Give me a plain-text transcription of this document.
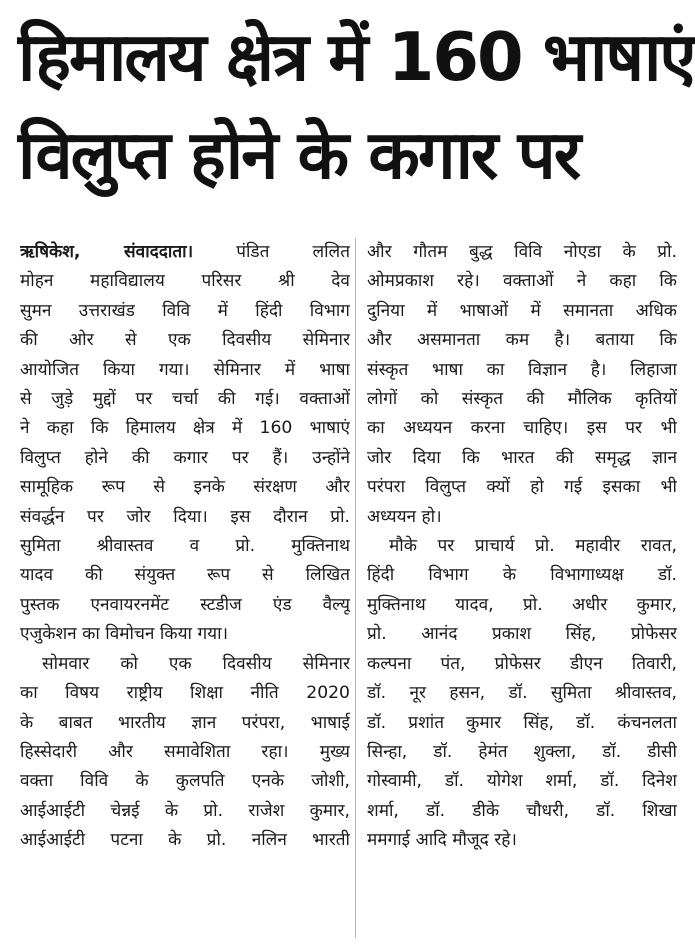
हिमालय क्षेत्र में 160 भाषाएं
विलुप्त होने के कगार पर
ऋषिकेश, संवाददाता।	पंडित ललित
मोहन महाविद्यालय परिसर श्री देव
सुमन उत्तराखंड विवि में हिंदी विभाग
की ओर से एक दिवसीय सेमिनार
आयोजित किया गया। सेमिनार में भाषा
से जुड़े मुद्दों पर चर्चा की गई। वक्ताओं
ने कहा कि हिमालय क्षेत्र में 160 भाषाएं
विलुप्त होने की कगार पर हैं। उन्होंने
सामूहिक रूप से इनके संरक्षण और
संवर्द्धन पर जोर दिया। इस दौरान प्रो.
सुमिता श्रीवास्तव व प्रो. मुक्तिनाथ
यादव की संयुक्त रूप से लिखित
पुस्तक एनवायरनमेंट स्टडीज एंड वैल्यू
एजुकेशन का विमोचन किया गया।
सोमवार को एक दिवसीय सेमिनार
का विषय राष्ट्रीय शिक्षा नीति 2020
के बाबत भारतीय ज्ञान परंपरा, भाषाई
हिस्सेदारी और समावेशिता रहा। मुख्य
वक्ता विवि के कुलपति एनके जोशी,
आईआईटी चेन्नई के प्रो. राजेश कुमार,
आईआईटी पटना के प्रो. नलिन भारती
और गौतम बुद्ध विवि नोएडा के प्रो.
ओमप्रकाश रहे। वक्ताओं ने कहा कि
दुनिया में भाषाओं में समानता अधिक
और असमानता कम है। बताया कि
संस्कृत भाषा का विज्ञान है। लिहाजा
लोगों को संस्कृत की मौलिक कृतियों
का अध्ययन करना चाहिए। इस पर भी
जोर दिया कि भारत की समृद्ध ज्ञान
परंपरा विलुप्त क्यों हो गई इसका भी
अध्ययन हो।
मौके पर प्राचार्य प्रो. महावीर रावत,
हिंदी विभाग के विभागाध्यक्ष डॉ.
मुक्तिनाथ यादव, प्रो. अधीर कुमार,
प्रो. आनंद प्रकाश सिंह, प्रोफेसर
कल्पना पंत, प्रोफेसर डीएन तिवारी,
डॉ. नूर हसन, डॉ. सुमिता श्रीवास्तव,
डॉ. प्रशांत कुमार सिंह, डॉ. कंचनलता
सिन्हा, डॉ. हेमंत शुक्ला, डॉ. डीसी
गोस्वामी, डॉ. योगेश शर्मा, डॉ. दिनेश
शर्मा, डॉ. डीके चौधरी, डॉ. शिखा
ममगाई आदि मौजूद रहे।
